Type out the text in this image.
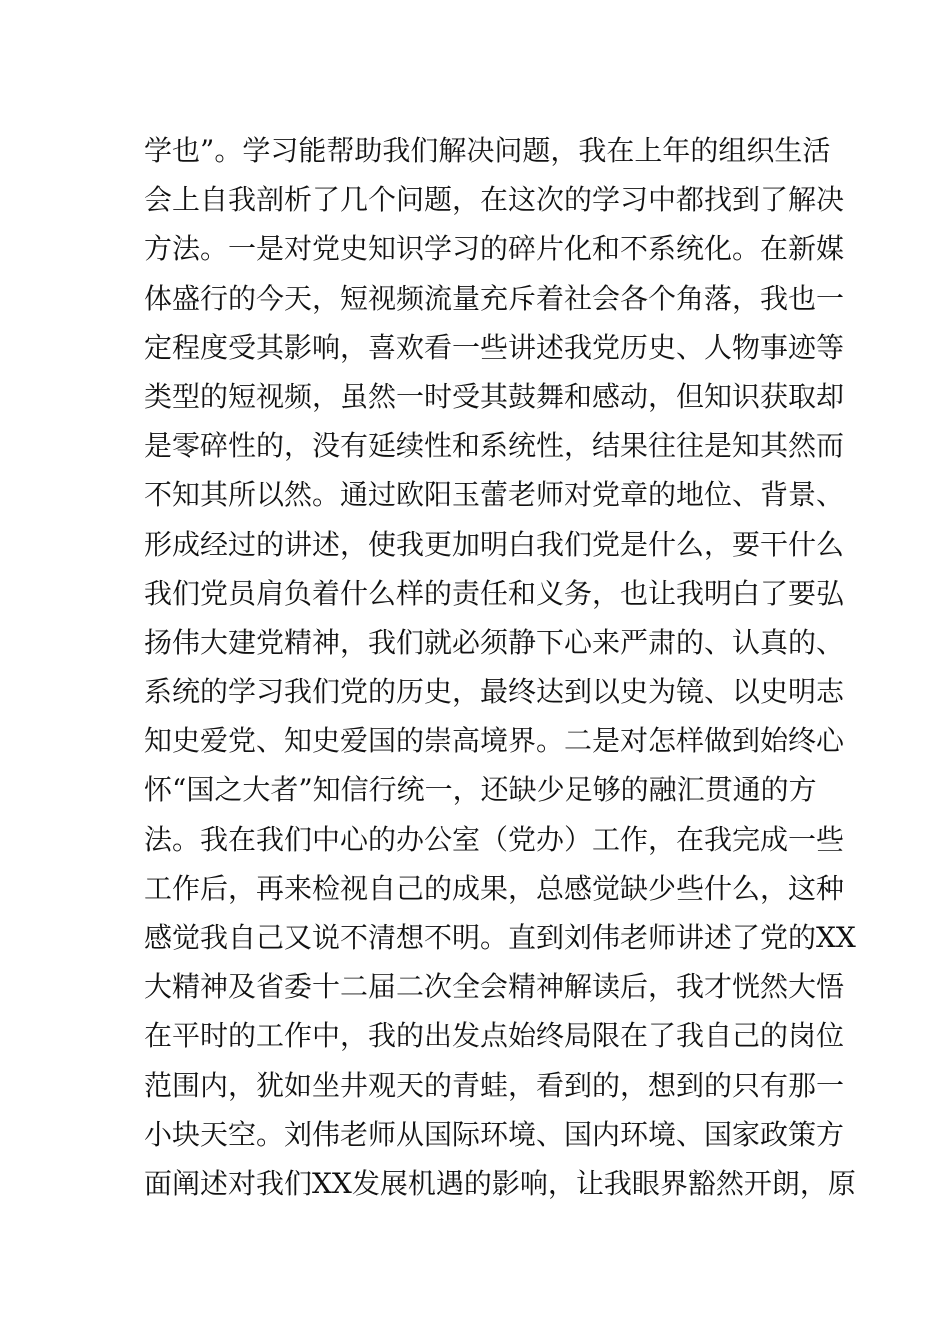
学也”。学习能帮助我们解决问题，我在上年的组织生活
会上自我剖析了几个问题，在这次的学习中都找到了解决
方法。一是对党史知识学习的碎片化和不系统化。在新媒
体盛行的今天，短视频流量充斥着社会各个角落，我也一
定程度受其影响，喜欢看一些讲述我党历史、人物事迹等
类型的短视频，虽然一时受其鼓舞和感动，但知识获取却
是零碎性的，没有延续性和系统性，结果往往是知其然而
不知其所以然。通过欧阳玉蕾老师对党章的地位、背景、
形成经过的讲述，使我更加明白我们党是什么，要干什么
我们党员肩负着什么样的责任和义务，也让我明白了要弘
扬伟大建党精神，我们就必须静下心来严肃的、认真的、
系统的学习我们党的历史，最终达到以史为镜、以史明志
知史爱党、知史爱国的崇高境界。二是对怎样做到始终心
怀“国之大者”知信行统一，还缺少足够的融汇贯通的方
法。我在我们中心的办公室（党办）工作，在我完成一些
工作后，再来检视自己的成果，总感觉缺少些什么，这种
感觉我自己又说不清想不明。直到刘伟老师讲述了党的XX
大精神及省委十二届二次全会精神解读后，我才恍然大悟
在平时的工作中，我的出发点始终局限在了我自己的岗位
范围内，犹如坐井观天的青蛙，看到的，想到的只有那一
小块天空。刘伟老师从国际环境、国内环境、国家政策方
面阐述对我们XX发展机遇的影响，让我眼界豁然开朗，原
